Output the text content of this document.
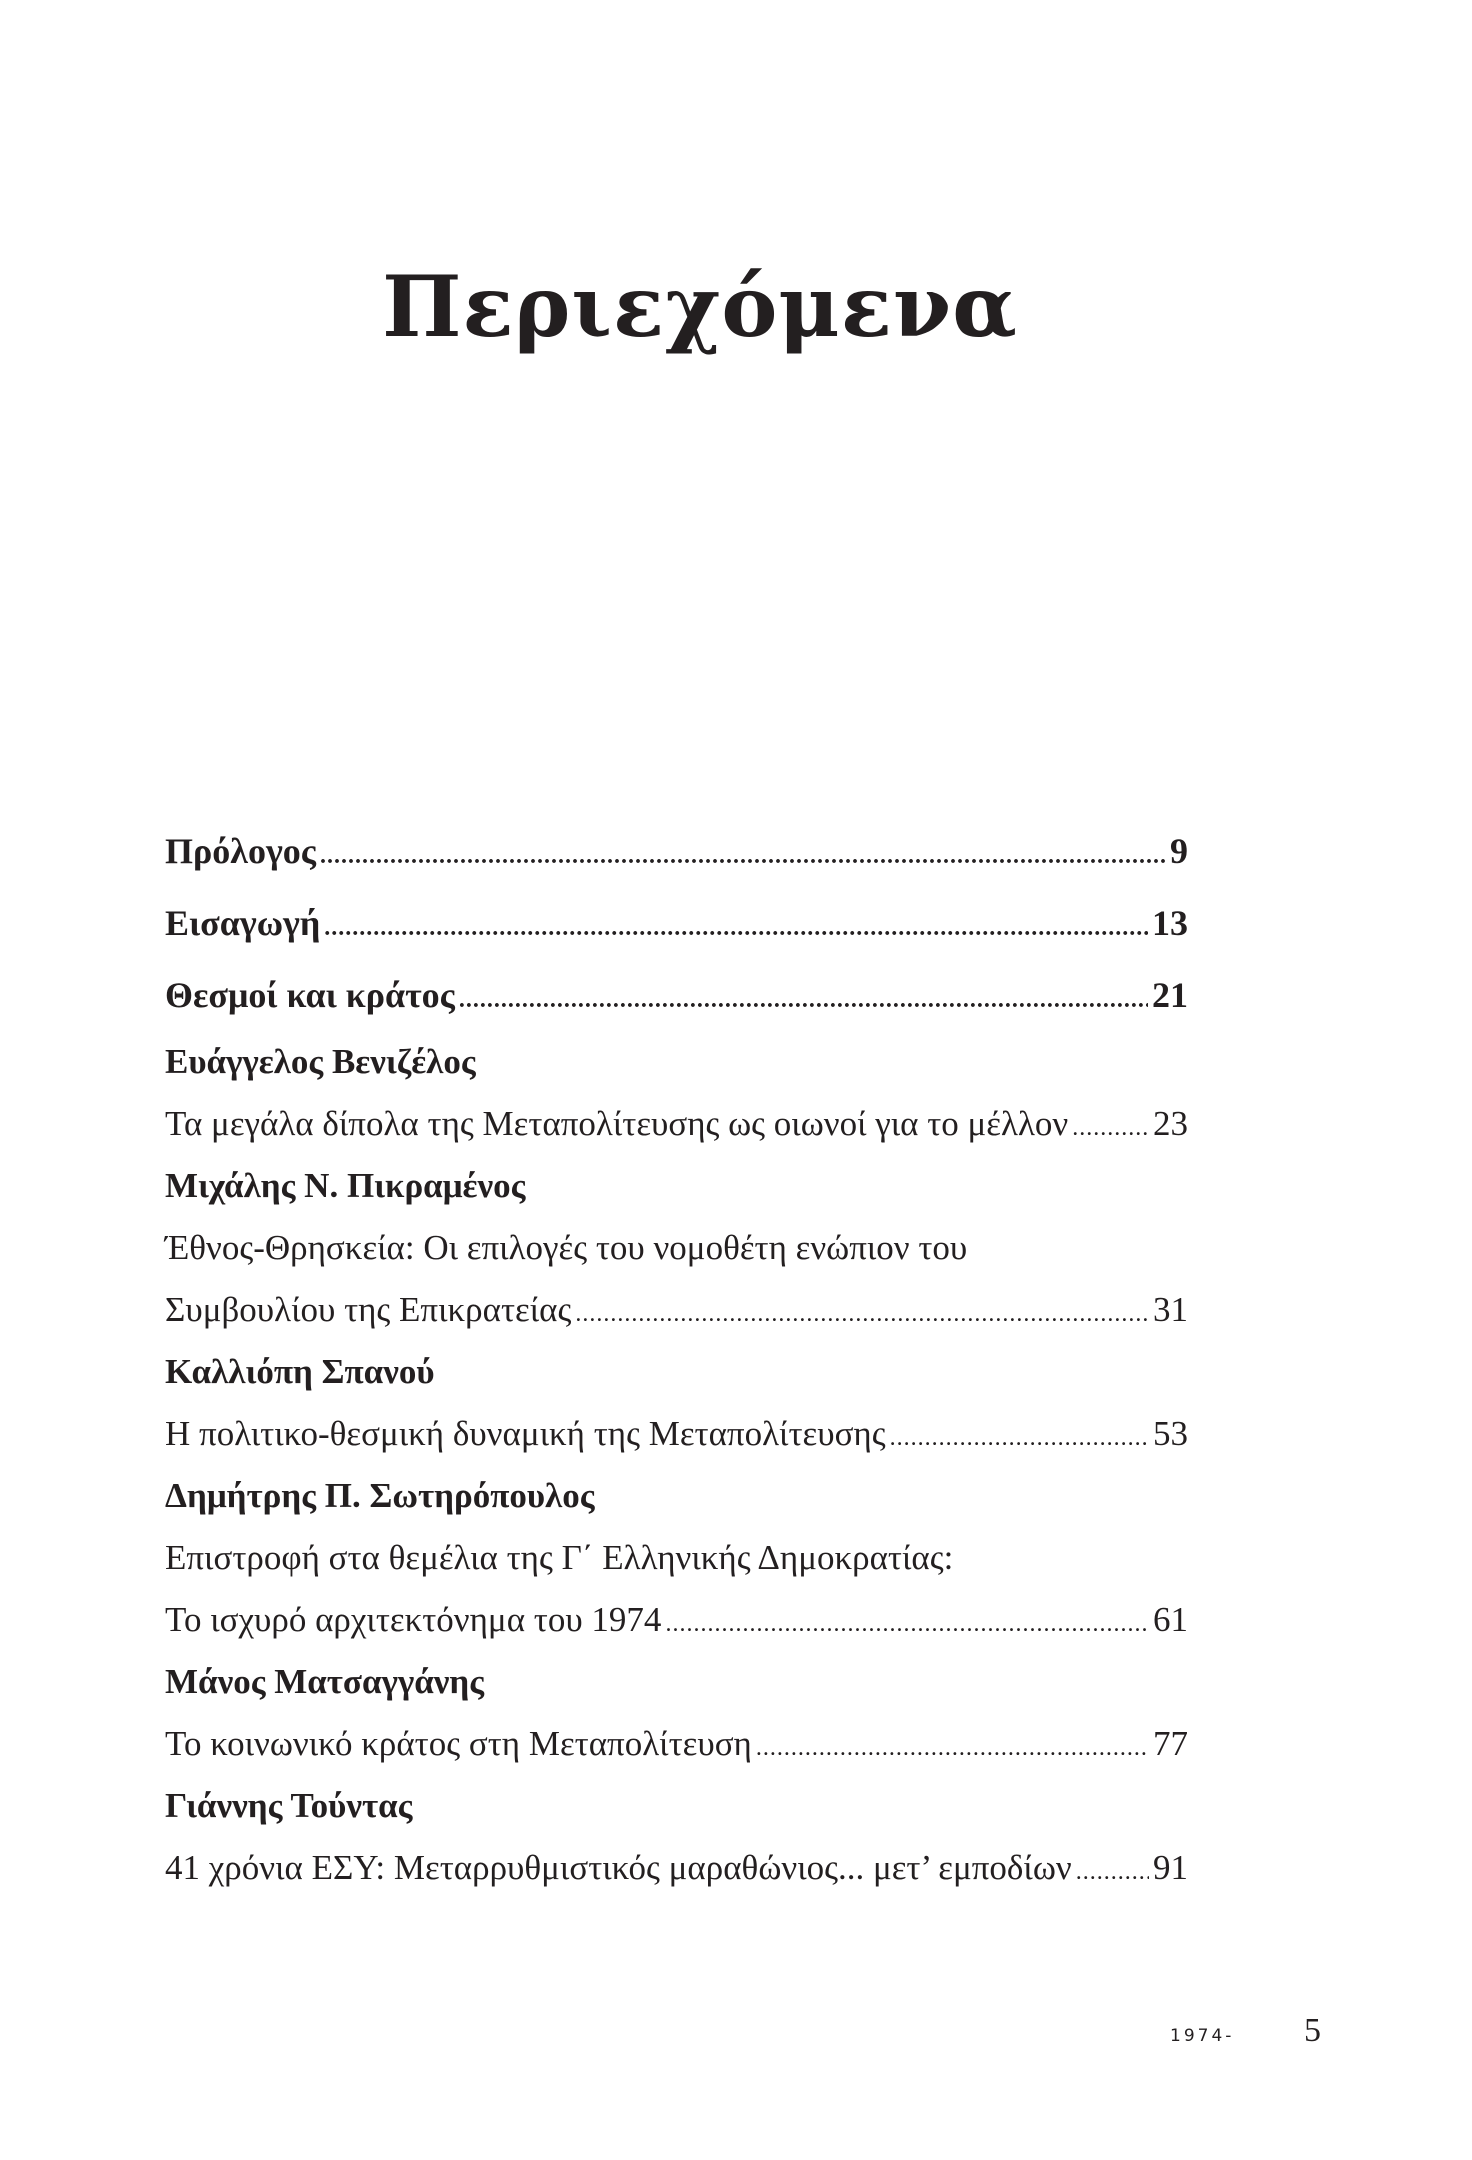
Περιεχόμενα
Πρόλογος .....	9
Εισαγωγή .....	13
Θεσμοί και κράτος .....	21
Ευάγγελος Βενιζέλος
Τα μεγάλα δίπολα της Μεταπολίτευσης ως οιωνοί για το μέλλον ..... 23
Μιχάλης Ν. Πικραμένος
Έθνος-Θρησκεία: Οι επιλογές του νομοθέτη ενώπιον του
Συμβουλίου της Επικρατείας .....	31
Καλλιόπη Σπανού
Η πολιτικο-θεσμική δυναμική της Μεταπολίτευσης .....	53
Δημήτρης Π. Σωτηρόπουλος
Επιστροφή στα θεμέλια της Γ΄ Ελληνικής Δημοκρατίας:
Το ισχυρό αρχιτεκτόνημα του 1974 .....	61
Μάνος Ματσαγγάνης
Το κοινωνικό κράτος στη Μεταπολίτευση .....	77
Γιάννης Τούντας
41 χρόνια ΕΣΥ: Μεταρρυθμιστικός μαραθώνιος... μετ’ εμποδίων ..... 91
1974- 5
